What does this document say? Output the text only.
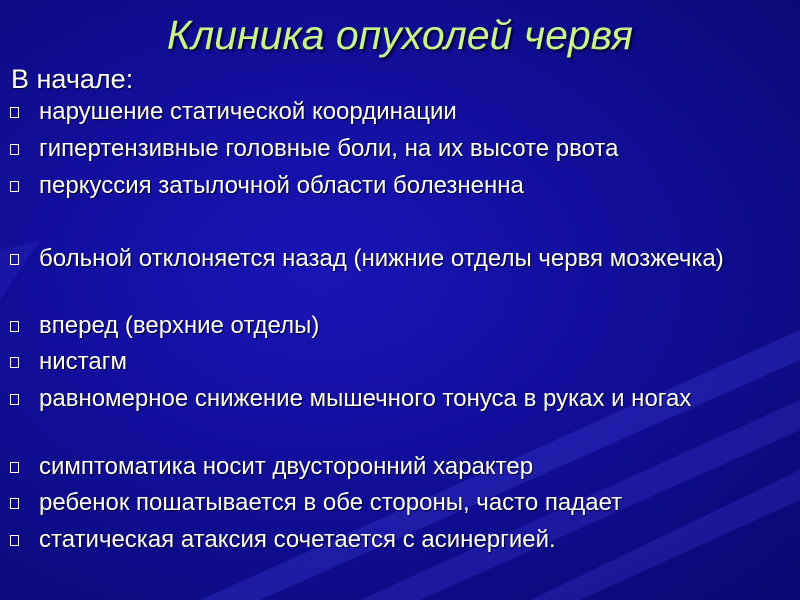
Клиника опухолей червя
В начале:
нарушение статической координации
гипертензивные головные боли, на их высоте рвота
перкуссия затылочной области болезненна
больной отклоняется назад (нижние отделы червя мозжечка)
вперед (верхние отделы)
нистагм
равномерное снижение мышечного тонуса в руках и ногах
симптоматика носит двусторонний характер
ребенок пошатывается в обе стороны, часто падает
статическая атаксия сочетается с асинергией.
